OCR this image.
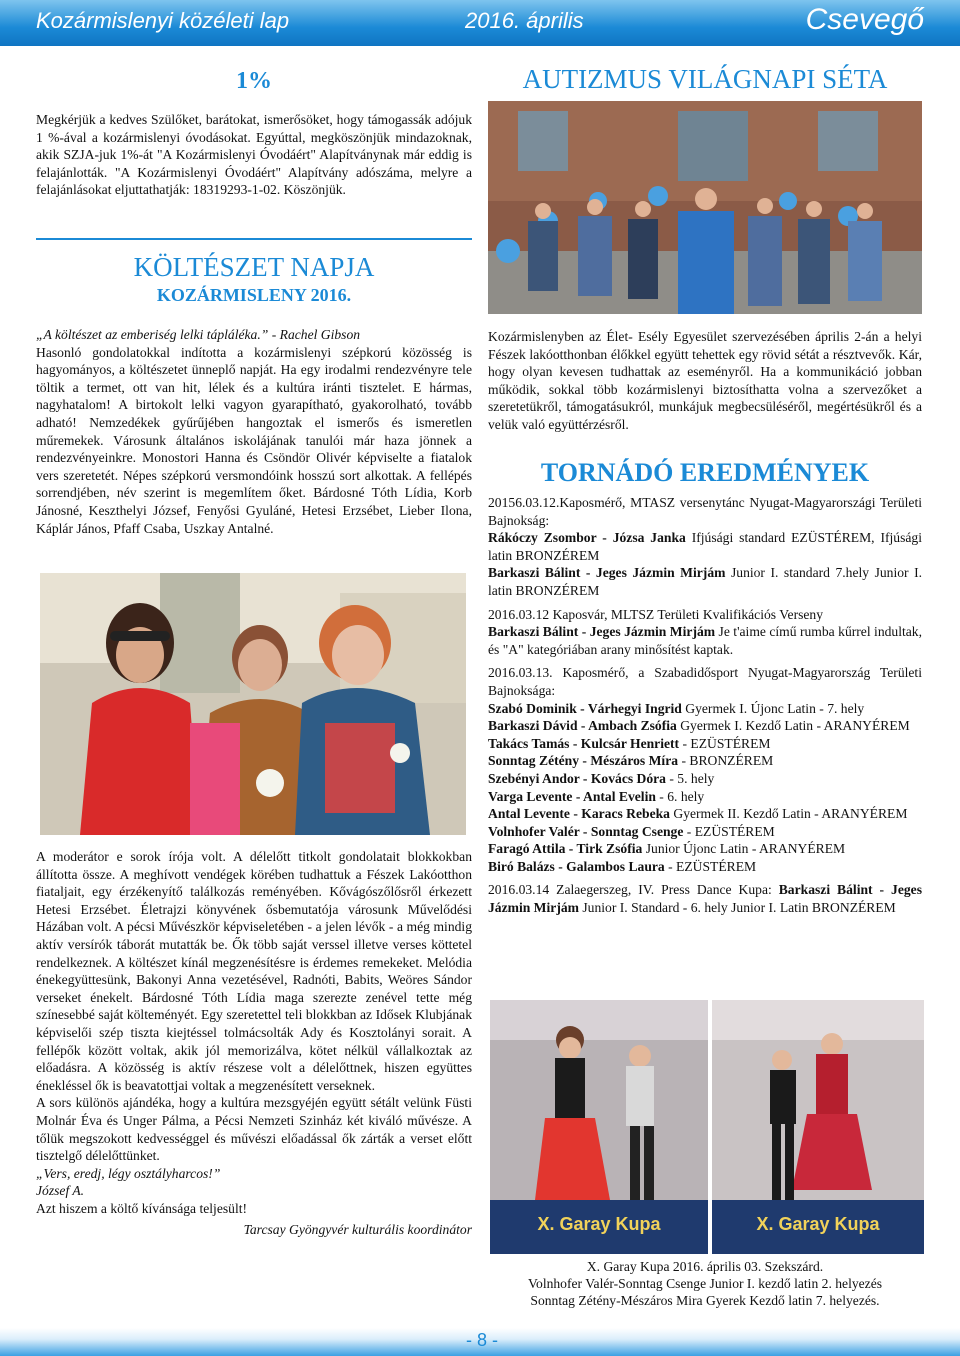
Kozármislenyi közéleti lap	2016. április	Csevegő
1%

Megkérjük a kedves Szülőket, barátokat, ismerősöket, hogy támogassák adójuk 1 %-ával a kozármislenyi óvodásokat. Egyúttal, megköszönjük mindazoknak, akik SZJA-juk 1%-át "A Kozármislenyi Óvodáért" Alapítványnak már eddig is felajánlották. "A Kozármislenyi Óvodáért" Alapítvány adószáma, melyre a felajánlásokat eljuttathatják: 18319293-1-02. Köszönjük.

KÖLTÉSZET NAPJA
KOZÁRMISLENY 2016.

„A költészet az emberiség lelki tápláléka.” - Rachel Gibson

Hasonló gondolatokkal indította a kozármislenyi szépkorú közösség is hagyományos, a költészetet ünneplő napját. Ha egy irodalmi rendezvényre tele töltik a termet, ott van hit, lélek és a kultúra iránti tisztelet. E hármas, nagyhatalom! A birtokolt lelki vagyon gyarapítható, gyakorolható, tovább adható! Nemzedékek gyűrűjében hangoztak el ismerős és ismeretlen műremekek. Városunk általános iskolájának tanulói már haza jönnek a rendezvényeinkre. Monostori Hanna és Csöndör Olivér képviselte a fiatalok vers szeretetét. Népes szépkorú versmondóink hosszú sort alkottak. A fellépés sorrendjében, név szerint is megemlítem őket. Bárdosné Tóth Lídia, Korb Jánosné, Keszthelyi József, Fenyősi Gyuláné, Hetesi Erzsébet, Lieber Ilona, Káplár János, Pfaff Csaba, Uszkay Antalné.

A moderátor e sorok írója volt. A délelőtt titkolt gondolatait blokkokban állította össze. A meghívott vendégek körében tudhattuk a Fészek Lakóotthon fiataljait, egy érzékenyítő találkozás reményében. Kővágószőlősről érkezett Hetesi Erzsébet. Életrajzi könyvének ősbemutatója városunk Művelődési Házában volt. A pécsi Művészkör képviseletében - a jelen lévők - a még mindig aktív versírók táborát mutatták be. Ők több saját verssel illetve verses köttetel rendelkeznek. A költészet kínál megzenésítésre is érdemes remekeket. Melódia énekegyüttesünk, Bakonyi Anna vezetésével, Radnóti, Babits, Weöres Sándor verseket énekelt. Bárdosné Tóth Lídia maga szerezte zenével tette még színesebbé saját költeményét. Egy szeretettel teli blokkban az Idősek Klubjának képviselői szép tiszta kiejtéssel tolmácsolták Ady és Kosztolányi sorait. A fellépők között voltak, akik jól memorizálva, kötet nélkül vállalkoztak az előadásra. A közösség is aktív részese volt a délelőttnek, hiszen együttes énekléssel ők is beavatottjai voltak a megzenésített verseknek.

A sors különös ajándéka, hogy a kultúra mezsgyéjén együtt sétált velünk Füsti Molnár Éva és Unger Pálma, a Pécsi Nemzeti Szinház két kiváló művésze. A tőlük megszokott kedvességgel és művészi előadással ők zárták a verset előtt tisztelgő délelőttünket.

„Vers, eredj, légy osztályharcos!”

József A.

Azt hiszem a költő kívánsága teljesült!

Tarcsay Gyöngyvér kulturális koordinátor

AUTIZMUS VILÁGNAPI SÉTA

Kozármislenyben az Élet- Esély Egyesület szervezésében április 2-án a helyi Fészek lakóotthonban élőkkel együtt tehettek egy rövid sétát a résztvevők. Kár, hogy olyan kevesen tudhattak az eseményről. Ha a kommunikáció jobban működik, sokkal több kozármislenyi biztosíthatta volna a szervezőket a szeretetükről, támogatásukról, munkájuk megbecsüléséről, megértésükről és a velük való együttérzésről.

TORNÁDÓ EREDMÉNYEK

20156.03.12.Kaposmérő, MTASZ versenytánc Nyugat-Magyarországi Területi Bajnokság:

Rákóczy Zsombor - Józsa Janka Ifjúsági standard EZÜSTÉREM, Ifjúsági latin BRONZÉREM

Barkaszi Bálint - Jeges Jázmin Mirjám Junior I. standard 7.hely Junior I. latin BRONZÉREM

2016.03.12 Kaposvár, MLTSZ Területi Kvalifikációs Verseny

Barkaszi Bálint - Jeges Jázmin Mirjám Je t'aime című rumba kűrrel indultak, és "A" kategóriában arany minősítést kaptak.

2016.03.13. Kaposmérő, a Szabadidősport Nyugat-Magyarország Területi Bajnoksága:

Szabó Dominik - Várhegyi Ingrid Gyermek I. Újonc Latin - 7. hely

Barkaszi Dávid - Ambach Zsófia Gyermek I. Kezdő Latin - ARANYÉREM

Takács Tamás - Kulcsár Henriett - EZÜSTÉREM

Sonntag Zétény - Mészáros Míra - BRONZÉREM

Szebényi Andor - Kovács Dóra - 5. hely

Varga Levente - Antal Evelin - 6. hely

Antal Levente - Karacs Rebeka Gyermek II. Kezdő Latin - ARANYÉREM

Volnhofer Valér - Sonntag Csenge - EZÜSTÉREM

Faragó Attila - Tirk Zsófia Junior Újonc Latin - ARANYÉREM

Biró Balázs - Galambos Laura - EZÜSTÉREM

2016.03.14 Zalaegerszeg, IV. Press Dance Kupa: Barkaszi Bálint - Jeges Jázmin Mirjám Junior I. Standard - 6. hely Junior I. Latin BRONZÉREM

X. Garay Kupa	X. Garay Kupa
X. Garay Kupa 2016. április 03. Szekszárd.
Volnhofer Valér-Sonntag Csenge Junior I. kezdő latin 2. helyezés
Sonntag Zétény-Mészáros Mira Gyerek Kezdő latin 7. helyezés.
- 8 -
